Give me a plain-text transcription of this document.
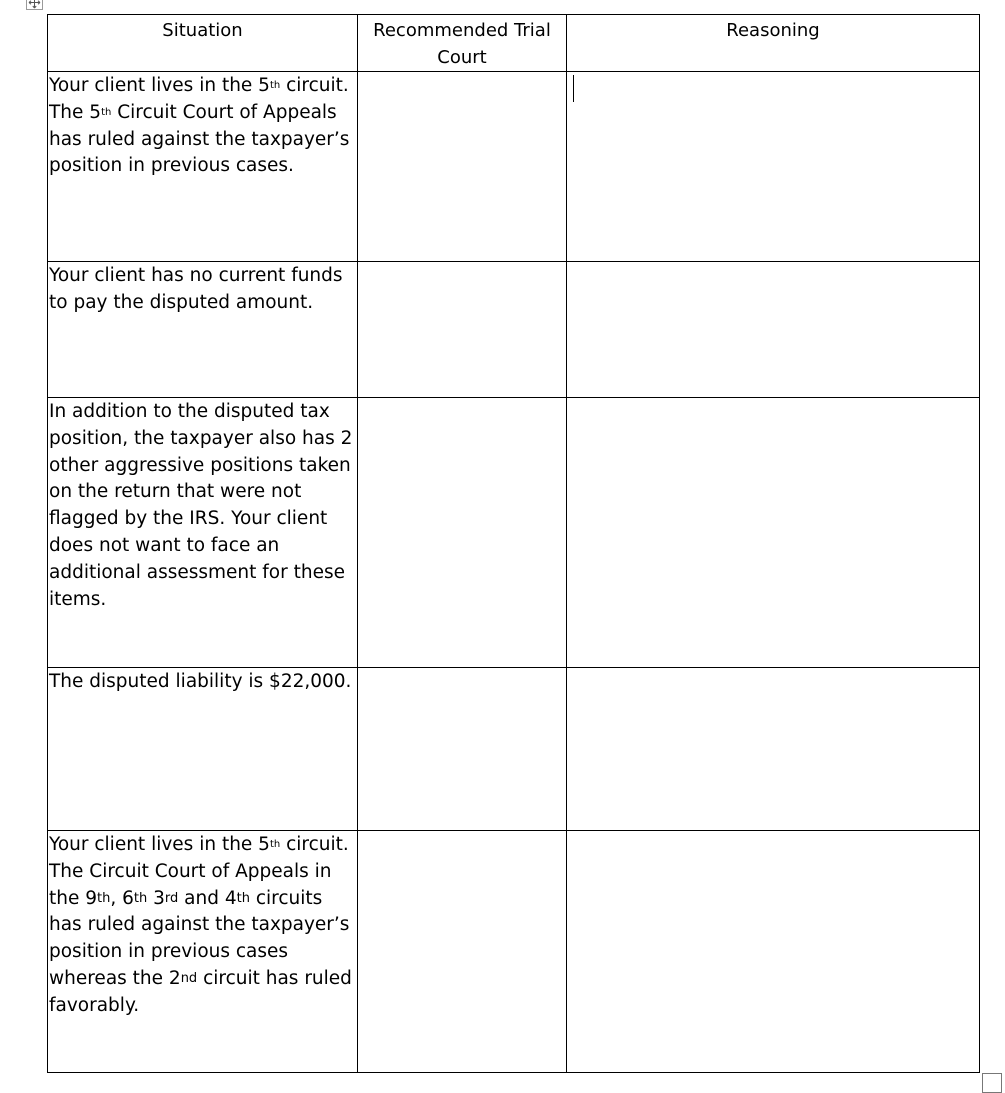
Situation	Recommended Trial Court	Reasoning
Your client lives in the 5th circuit. The 5th Circuit Court of Appeals has ruled against the taxpayer’s position in previous cases.		

Your client has no current funds to pay the disputed amount.		
In addition to the disputed tax position, the taxpayer also has 2 other aggressive positions taken on the return that were not flagged by the IRS. Your client does not want to face an additional assessment for these items.		
The disputed liability is $22,000.		
Your client lives in the 5th circuit. The Circuit Court of Appeals in the 9th, 6th 3rd and 4th circuits has ruled against the taxpayer’s position in previous cases whereas the 2nd circuit has ruled favorably.		
